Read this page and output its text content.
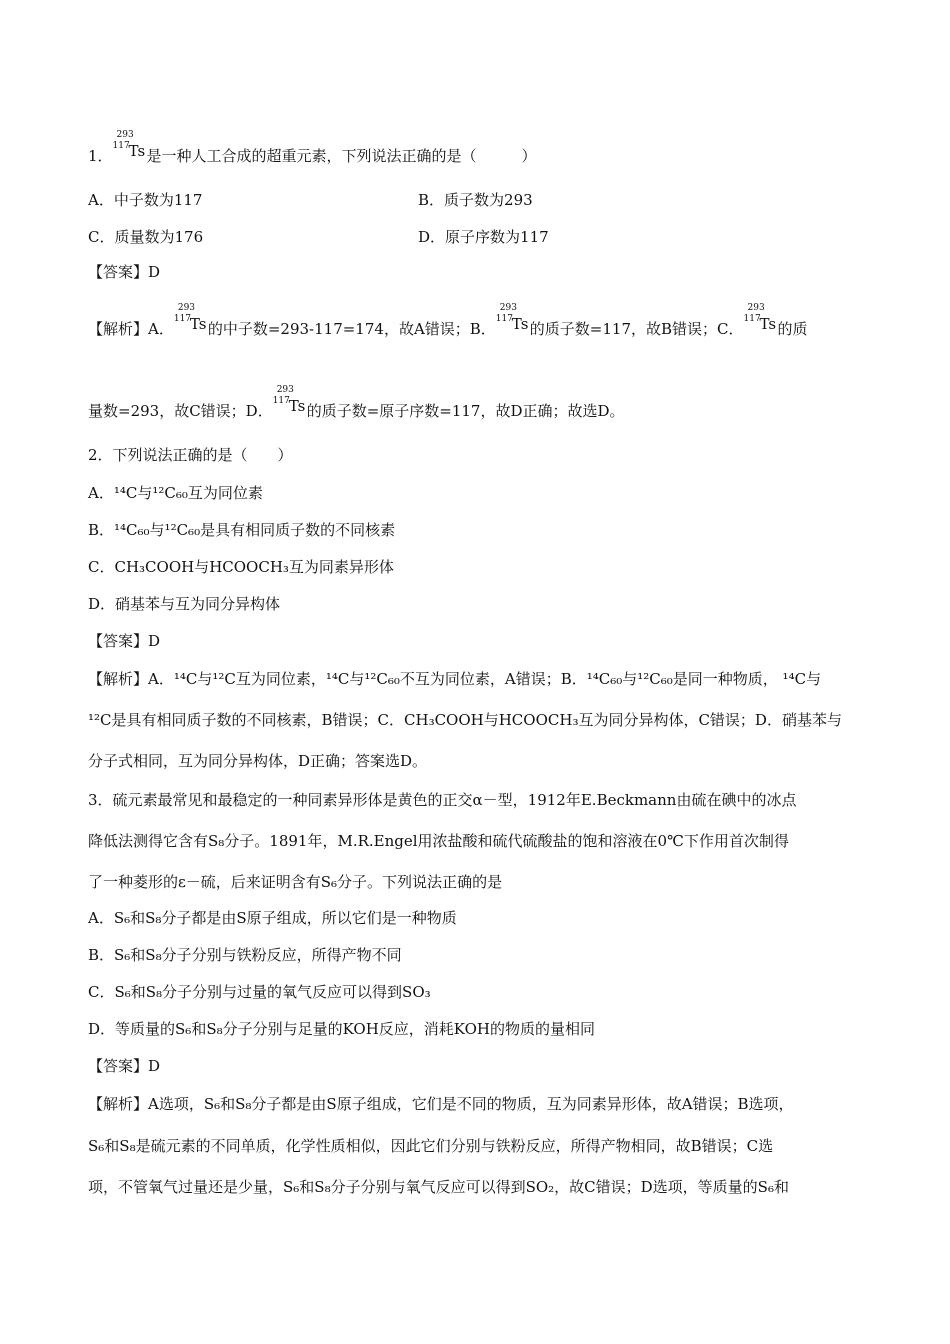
1．
293
117
Ts 是一种人工合成的超重元素，下列说法正确的是（　　　）
A．中子数为117	B．质子数为293
C．质量数为176	D．原子序数为117
【答案】D
【解析】A．
293
117
Ts 的中子数=293-117=174，故A错误；B．
293
117
Ts 的质子数=117，故B错误；C．
293
117
Ts 的质
量数=293，故C错误；D．
293
117
Ts 的质子数=原子序数=117，故D正确；故选D。
2．下列说法正确的是（　　）
A．¹⁴C与¹²C₆₀互为同位素
B．¹⁴C₆₀与¹²C₆₀是具有相同质子数的不同核素
C．CH₃COOH与HCOOCH₃互为同素异形体
D．硝基苯与互为同分异构体
【答案】D
【解析】A．¹⁴C与¹²C互为同位素，¹⁴C与¹²C₆₀不互为同位素，A错误；B．¹⁴C₆₀与¹²C₆₀是同一种物质， ¹⁴C与
¹²C是具有相同质子数的不同核素，B错误；C．CH₃COOH与HCOOCH₃互为同分异构体，C错误；D．硝基苯与
分子式相同，互为同分异构体，D正确；答案选D。
3．硫元素最常见和最稳定的一种同素异形体是黄色的正交α－型，1912年E.Beckmann由硫在碘中的冰点
降低法测得它含有S₈分子。1891年，M.R.Engel用浓盐酸和硫代硫酸盐的饱和溶液在0℃下作用首次制得
了一种菱形的ε－硫，后来证明含有S₆分子。下列说法正确的是
A．S₆和S₈分子都是由S原子组成，所以它们是一种物质
B．S₆和S₈分子分别与铁粉反应，所得产物不同
C．S₆和S₈分子分别与过量的氧气反应可以得到SO₃
D．等质量的S₆和S₈分子分别与足量的KOH反应，消耗KOH的物质的量相同
【答案】D
【解析】A选项，S₆和S₈分子都是由S原子组成，它们是不同的物质，互为同素异形体，故A错误；B选项，
S₆和S₈是硫元素的不同单质，化学性质相似，因此它们分别与铁粉反应，所得产物相同，故B错误；C选
项，不管氧气过量还是少量，S₆和S₈分子分别与氧气反应可以得到SO₂，故C错误；D选项，等质量的S₆和
